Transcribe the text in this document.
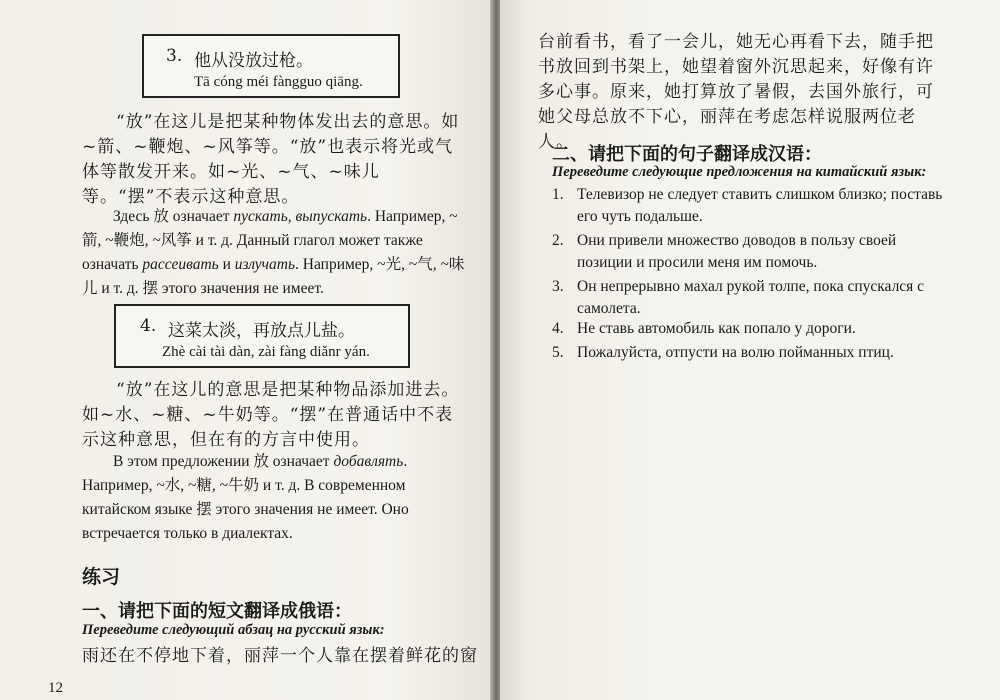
3. 他从没放过枪。
Tā cóng méi fàngguo qiāng.

“放”在这儿是把某种物体发出去的意思。如~箭、~鞭炮、~风筝等。“放”也表示将光或气体等散发开来。如~光、~气、~味儿等。“摆”不表示这种意思。

Здесь 放 означает пускать, выпускать. Например, ~箭, ~鞭炮, ~风筝 и т. д. Данный глагол может также означать рассеивать и излучать. Например, ~光, ~气, ~味儿 и т. д. 摆 этого значения не имеет.

4. 这菜太淡，再放点儿盐。
Zhè cài tài dàn, zài fàng diǎnr yán.

“放”在这儿的意思是把某种物品添加进去。如~水、~糖、~牛奶等。“摆”在普通话中不表示这种意思，但在有的方言中使用。

В этом предложении 放 означает добавлять. Например, ~水, ~糖, ~牛奶 и т. д. В современном китайском языке 摆 этого значения не имеет. Оно встречается только в диалектах.

练习
一、请把下面的短文翻译成俄语：
Переведите следующий абзац на русский язык:
雨还在不停地下着，丽萍一个人靠在摆着鲜花的窗
12

台前看书，看了一会儿，她无心再看下去，随手把书放回到书架上，她望着窗外沉思起来，好像有许多心事。原来，她打算放了暑假，去国外旅行，可她父母总放不下心，丽萍在考虑怎样说服两位老人。

二、请把下面的句子翻译成汉语：
Переведите следующие предложения на китайский язык:
1. Телевизор не следует ставить слишком близко; поставь его чуть подальше.
2. Они привели множество доводов в пользу своей позиции и просили меня им помочь.
3. Он непрерывно махал рукой толпе, пока спускался с самолета.
4. Не ставь автомобиль как попало у дороги.
5. Пожалуйста, отпусти на волю пойманных птиц.
